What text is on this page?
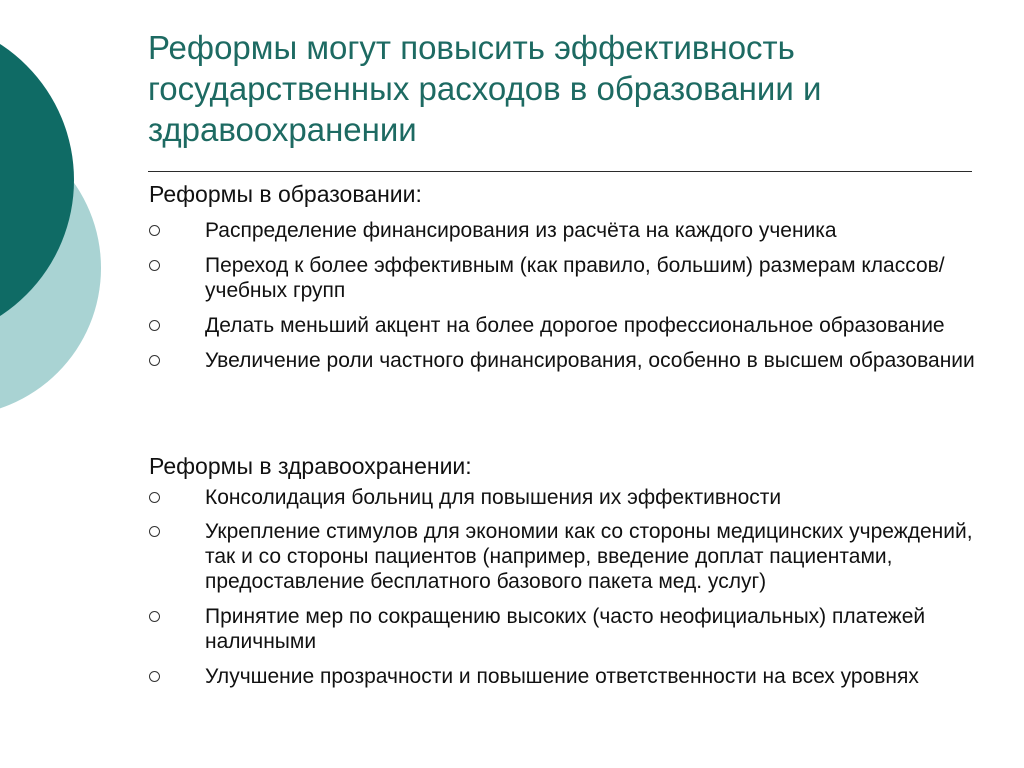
Реформы могут повысить эффективность
государственных расходов в образовании и
здравоохранении
Реформы в образовании:
Распределение финансирования из расчёта на каждого ученика
Переход к более эффективным (как правило, большим) размерам классов/учебных групп
Делать меньший акцент на более дорогое профессиональное образование
Увеличение роли частного финансирования, особенно в высшем образовании
Реформы в здравоохранении:
Консолидация больниц для повышения их эффективности
Укрепление стимулов для экономии как со стороны медицинских учреждений, так и со стороны пациентов (например, введение доплат пациентами, предоставление бесплатного базового пакета мед. услуг)
Принятие мер по сокращению высоких (часто неофициальных) платежей наличными
Улучшение прозрачности и повышение ответственности на всех уровнях
